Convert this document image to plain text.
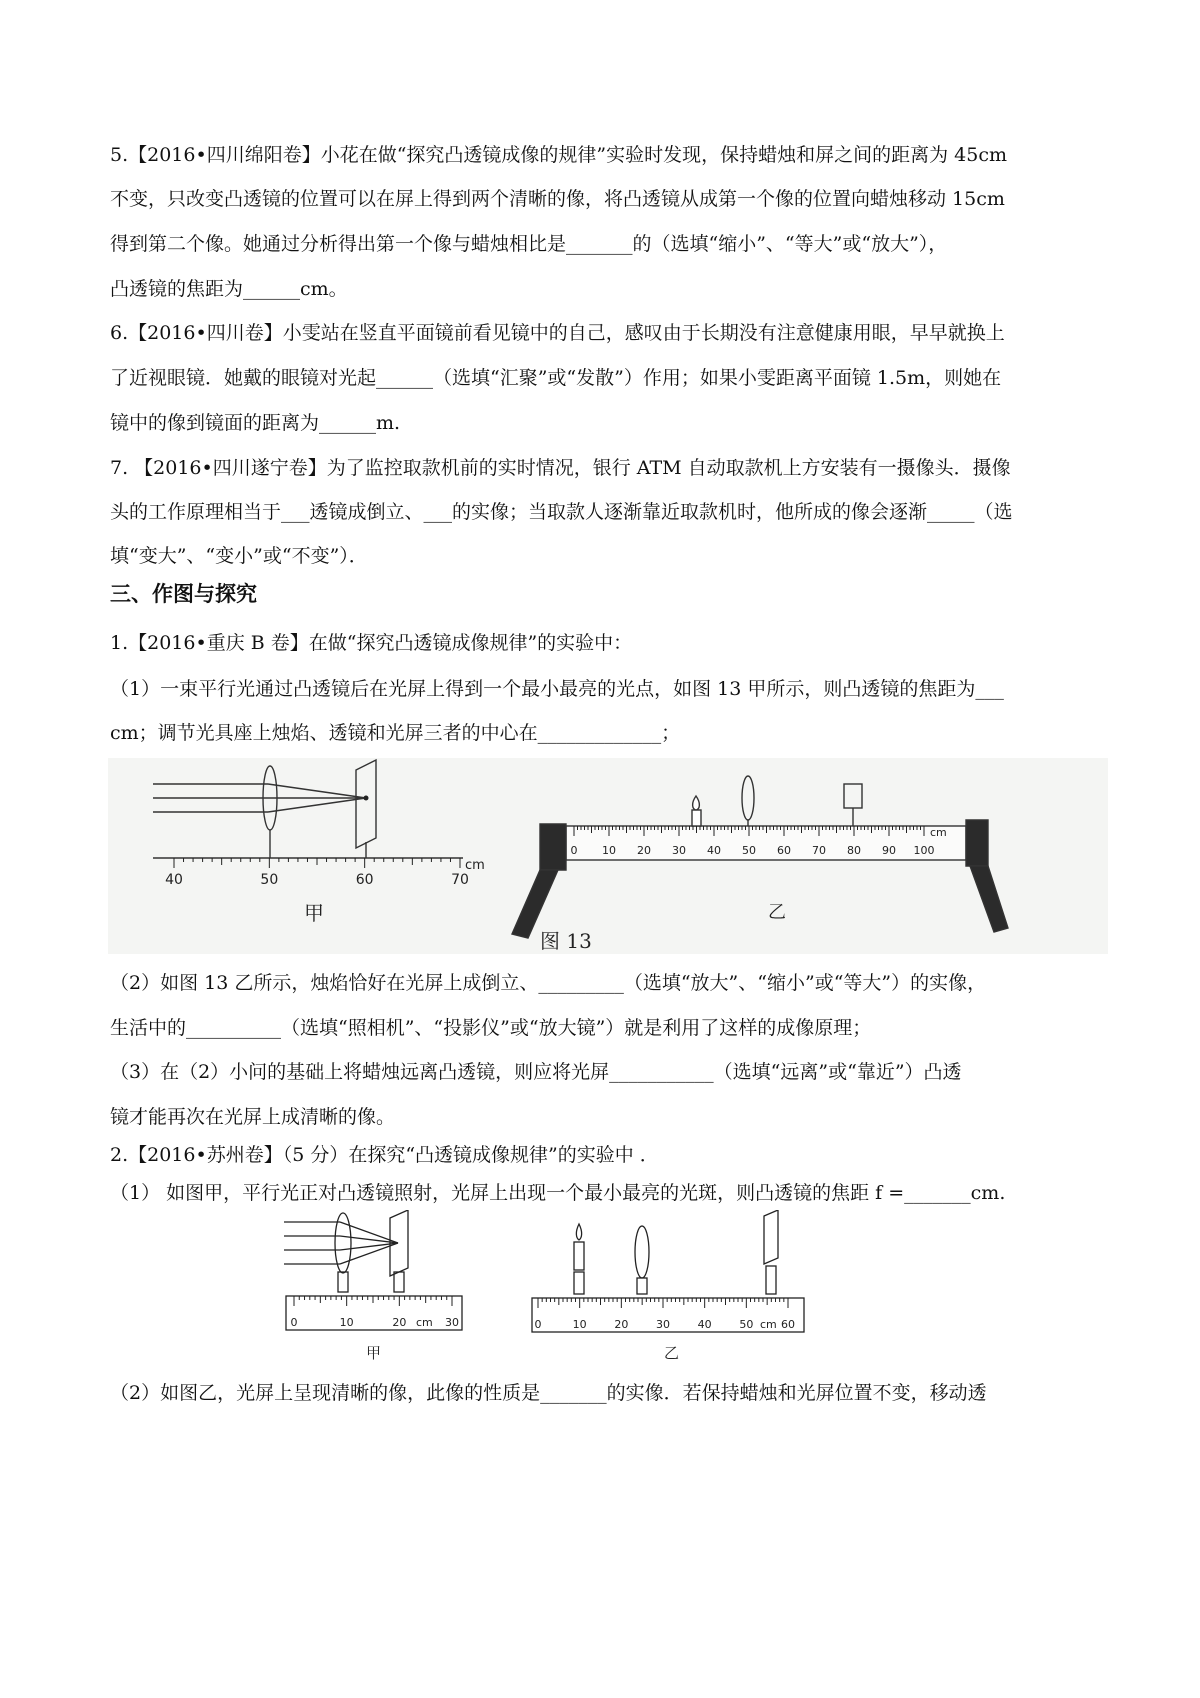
5.【2016•四川绵阳卷】小花在做“探究凸透镜成像的规律”实验时发现，保持蜡烛和屏之间的距离为 45cm
不变，只改变凸透镜的位置可以在屏上得到两个清晰的像，将凸透镜从成第一个像的位置向蜡烛移动 15cm
得到第二个像。她通过分析得出第一个像与蜡烛相比是_______的（选填“缩小”、“等大”或“放大”），
凸透镜的焦距为______cm。
6.【2016•四川卷】小雯站在竖直平面镜前看见镜中的自己，感叹由于长期没有注意健康用眼，早早就换上
了近视眼镜．她戴的眼镜对光起______（选填“汇聚”或“发散”）作用；如果小雯距离平面镜 1.5m，则她在
镜中的像到镜面的距离为______m.
7. 【2016•四川遂宁卷】为了监控取款机前的实时情况，银行 ATM 自动取款机上方安装有一摄像头．摄像
头的工作原理相当于___透镜成倒立、___的实像；当取款人逐渐靠近取款机时，他所成的像会逐渐_____（选
填“变大”、“变小”或“不变”）．
三、作图与探究
1.【2016•重庆 B 卷】在做“探究凸透镜成像规律”的实验中：
（1）一束平行光通过凸透镜后在光屏上得到一个最小最亮的光点，如图 13 甲所示，则凸透镜的焦距为___
cm；调节光具座上烛焰、透镜和光屏三者的中心在_____________；
40	50	60	70
cm
甲
0 10 20 30 40 50 60 70 80 90 100
cm
乙
图 13
（2）如图 13 乙所示，烛焰恰好在光屏上成倒立、_________（选填“放大”、“缩小”或“等大”）的实像，
生活中的__________（选填“照相机”、“投影仪”或“放大镜”）就是利用了这样的成像原理；
（3）在（2）小问的基础上将蜡烛远离凸透镜，则应将光屏___________（选填“远离”或“靠近”）凸透
镜才能再次在光屏上成清晰的像。
2.【2016•苏州卷】（5 分）在探究“凸透镜成像规律”的实验中 ．
（1） 如图甲，平行光正对凸透镜照射，光屏上出现一个最小最亮的光斑，则凸透镜的焦距 f =_______cm.
0	10	20	30
cm
甲
0	10	20	30	40	50	60
cm
乙
（2）如图乙，光屏上呈现清晰的像，此像的性质是_______的实像．若保持蜡烛和光屏位置不变，移动透
